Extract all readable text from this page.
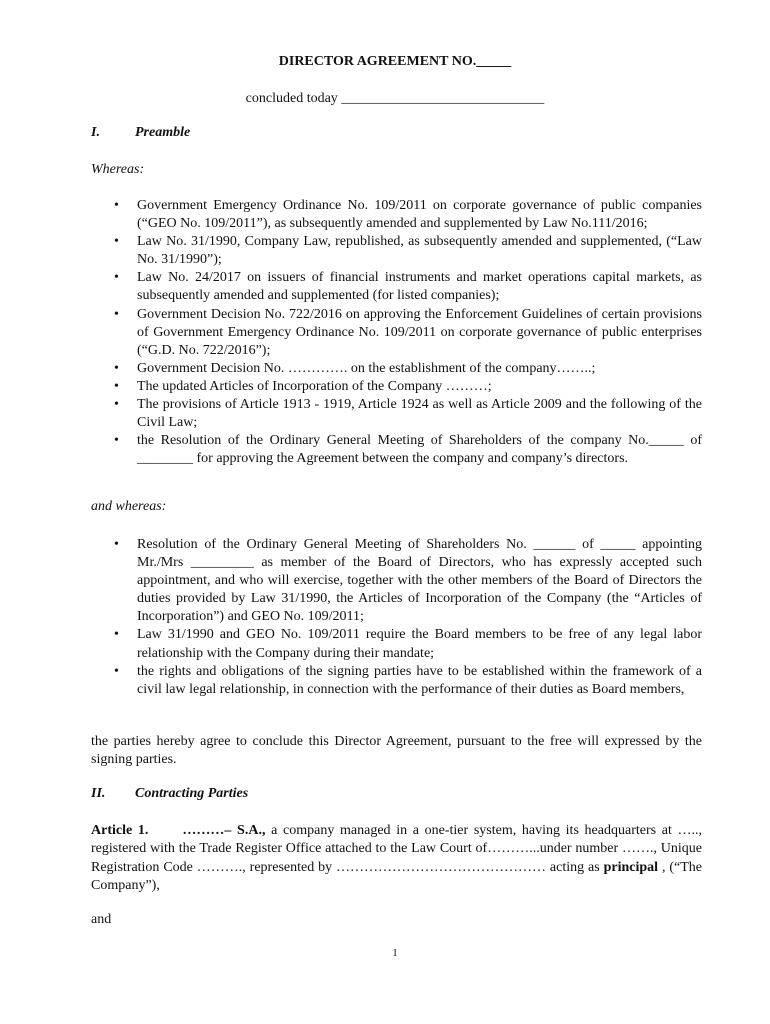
DIRECTOR AGREEMENT NO._____
concluded today _____________________________
I.	Preamble
Whereas:
• Government Emergency Ordinance No. 109/2011 on corporate governance of public companies (“GEO No. 109/2011”), as subsequently amended and supplemented by Law No.111/2016;
• Law No. 31/1990, Company Law, republished, as subsequently amended and supplemented, (“Law No. 31/1990”);
• Law No. 24/2017 on issuers of financial instruments and market operations capital markets, as subsequently amended and supplemented (for listed companies);
• Government Decision No. 722/2016 on approving the Enforcement Guidelines of certain provisions of Government Emergency Ordinance No. 109/2011 on corporate governance of public enterprises (“G.D. No. 722/2016”);
• Government Decision No. …………. on the establishment of the company……..;
• The updated Articles of Incorporation of the Company ………;
• The provisions of Article 1913 - 1919, Article 1924 as well as Article 2009 and the following of the Civil Law;
• the Resolution of the Ordinary General Meeting of Shareholders of the company No._____ of ________ for approving the Agreement between the company and company’s directors.
and whereas:
• Resolution of the Ordinary General Meeting of Shareholders No. ______ of _____ appointing Mr./Mrs _________ as member of the Board of Directors, who has expressly accepted such appointment, and who will exercise, together with the other members of the Board of Directors the duties provided by Law 31/1990, the Articles of Incorporation of the Company (the “Articles of Incorporation”) and GEO No. 109/2011;
• Law 31/1990 and GEO No. 109/2011 require the Board members to be free of any legal labor relationship with the Company during their mandate;
• the rights and obligations of the signing parties have to be established within the framework of a civil law legal relationship, in connection with the performance of their duties as Board members,
the parties hereby agree to conclude this Director Agreement, pursuant to the free will expressed by the signing parties.
II. Contracting Parties
Article 1. ………– S.A., a company managed in a one-tier system, having its headquarters at ….., registered with the Trade Register Office attached to the Law Court of………...under number ……., Unique Registration Code ………., represented by ……………………………………… acting as principal , (“The Company”),
and
1
